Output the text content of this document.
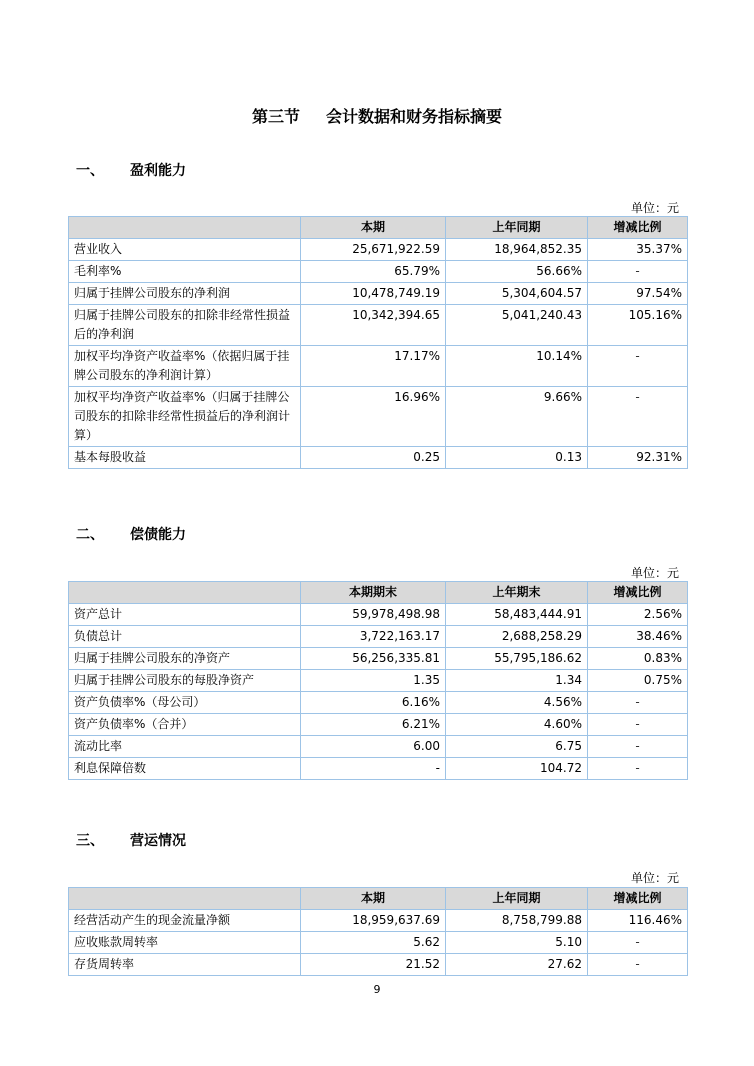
第三节 会计数据和财务指标摘要
一、 盈利能力
单位：元
	本期	上年同期	增减比例
营业收入	25,671,922.59	18,964,852.35	35.37%
毛利率%	65.79%	56.66%	-
归属于挂牌公司股东的净利润	10,478,749.19	5,304,604.57	97.54%
归属于挂牌公司股东的扣除非经常性损益后的净利润	10,342,394.65	5,041,240.43	105.16%
加权平均净资产收益率%（依据归属于挂牌公司股东的净利润计算）	17.17%	10.14%	-
加权平均净资产收益率%（归属于挂牌公司股东的扣除非经常性损益后的净利润计算）	16.96%	9.66%	-
基本每股收益	0.25	0.13	92.31%
二、 偿债能力
单位：元
	本期期末	上年期末	增减比例
资产总计	59,978,498.98	58,483,444.91	2.56%
负债总计	3,722,163.17	2,688,258.29	38.46%
归属于挂牌公司股东的净资产	56,256,335.81	55,795,186.62	0.83%
归属于挂牌公司股东的每股净资产	1.35	1.34	0.75%
资产负债率%（母公司）	6.16%	4.56%	-
资产负债率%（合并）	6.21%	4.60%	-
流动比率	6.00	6.75	-
利息保障倍数	-	104.72	-
三、 营运情况
单位：元
	本期	上年同期	增减比例
经营活动产生的现金流量净额	18,959,637.69	8,758,799.88	116.46%
应收账款周转率	5.62	5.10	-
存货周转率	21.52	27.62	-
9
